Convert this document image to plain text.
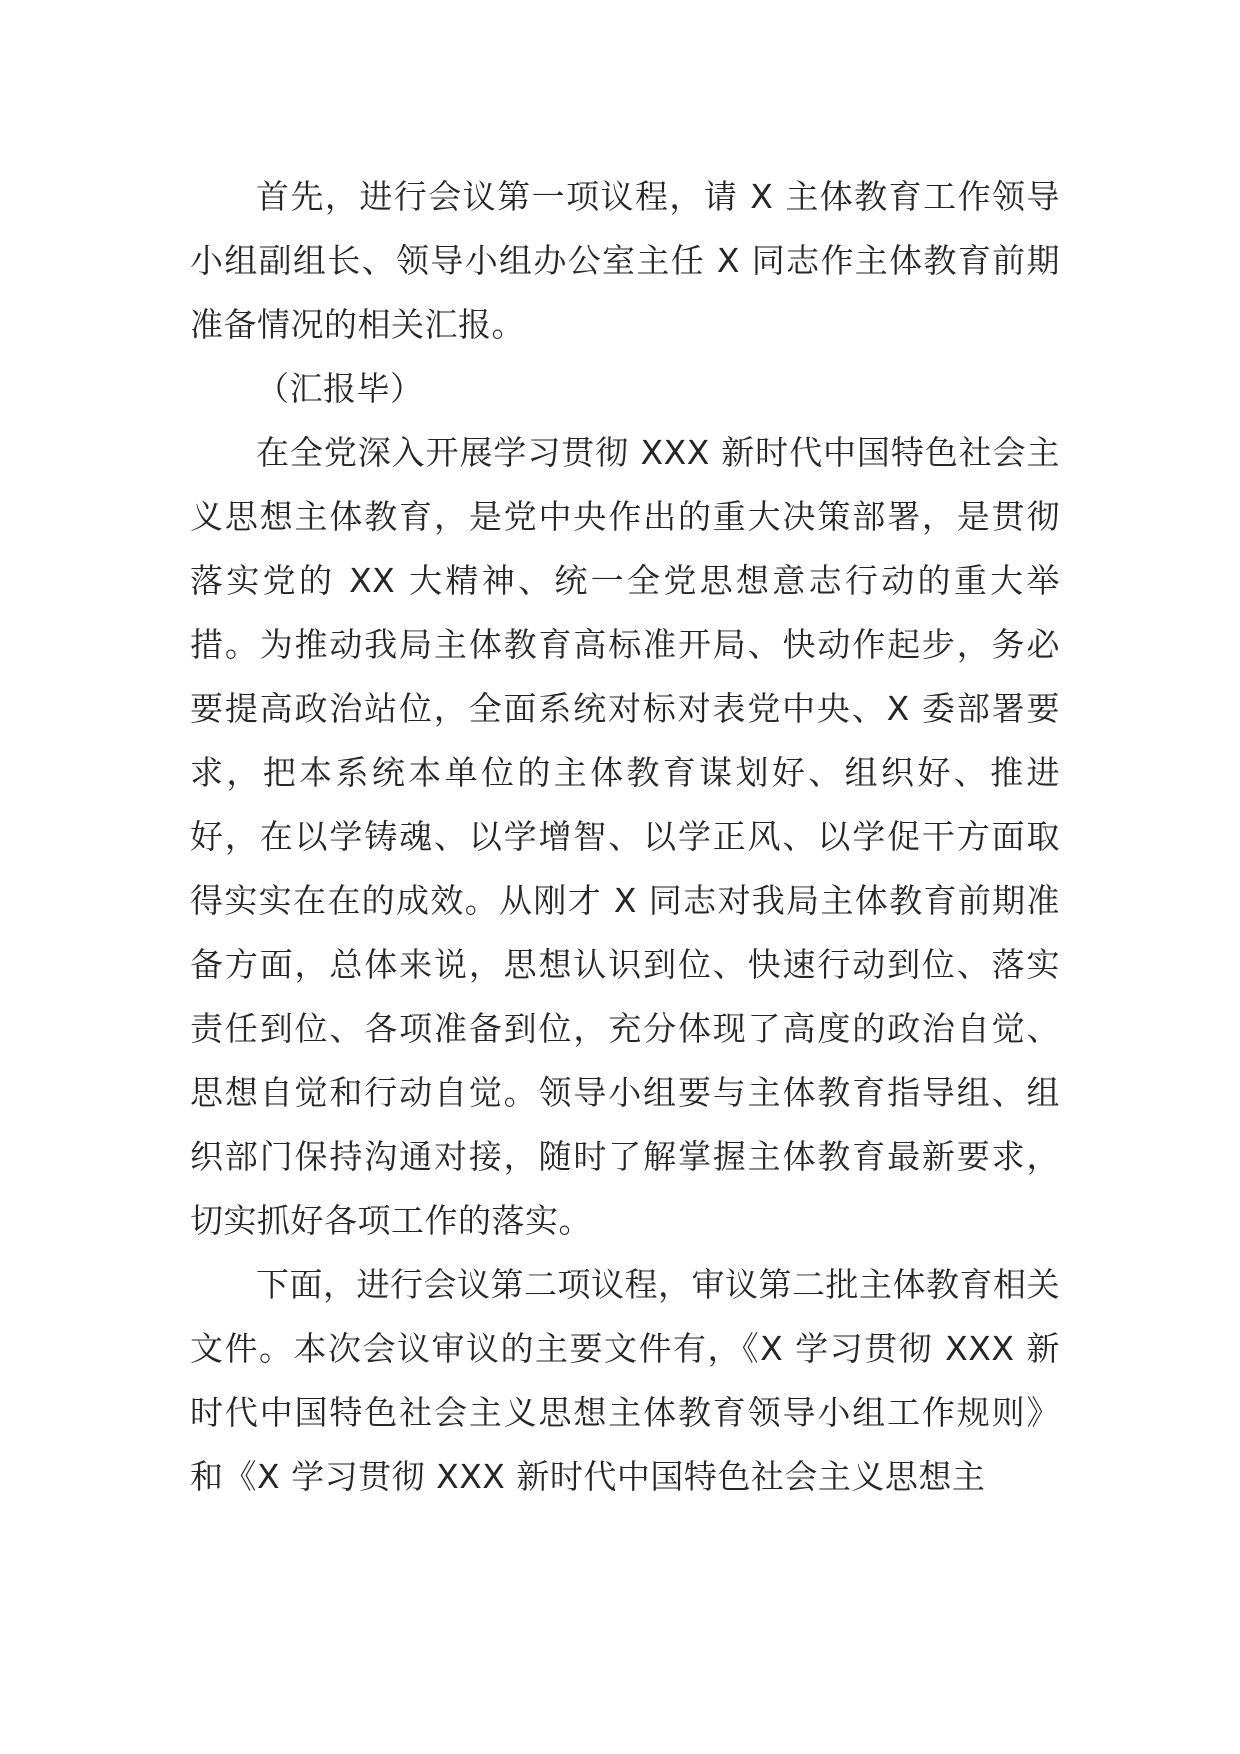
首先，进行会议第一项议程，请 X 主体教育工作领导小组副组长、领导小组办公室主任 X 同志作主体教育前期准备情况的相关汇报。

（汇报毕）

在全党深入开展学习贯彻 XXX 新时代中国特色社会主义思想主体教育，是党中央作出的重大决策部署，是贯彻落实党的 XX 大精神、统一全党思想意志行动的重大举措。为推动我局主体教育高标准开局、快动作起步，务必要提高政治站位，全面系统对标对表党中央、X 委部署要求，把本系统本单位的主体教育谋划好、组织好、推进好，在以学铸魂、以学增智、以学正风、以学促干方面取得实实在在的成效。从刚才 X 同志对我局主体教育前期准备方面，总体来说，思想认识到位、快速行动到位、落实责任到位、各项准备到位，充分体现了高度的政治自觉、思想自觉和行动自觉。领导小组要与主体教育指导组、组织部门保持沟通对接，随时了解掌握主体教育最新要求，切实抓好各项工作的落实。

下面，进行会议第二项议程，审议第二批主体教育相关文件。本次会议审议的主要文件有，《X 学习贯彻 XXX 新时代中国特色社会主义思想主体教育领导小组工作规则》和《X 学习贯彻 XXX 新时代中国特色社会主义思想主
